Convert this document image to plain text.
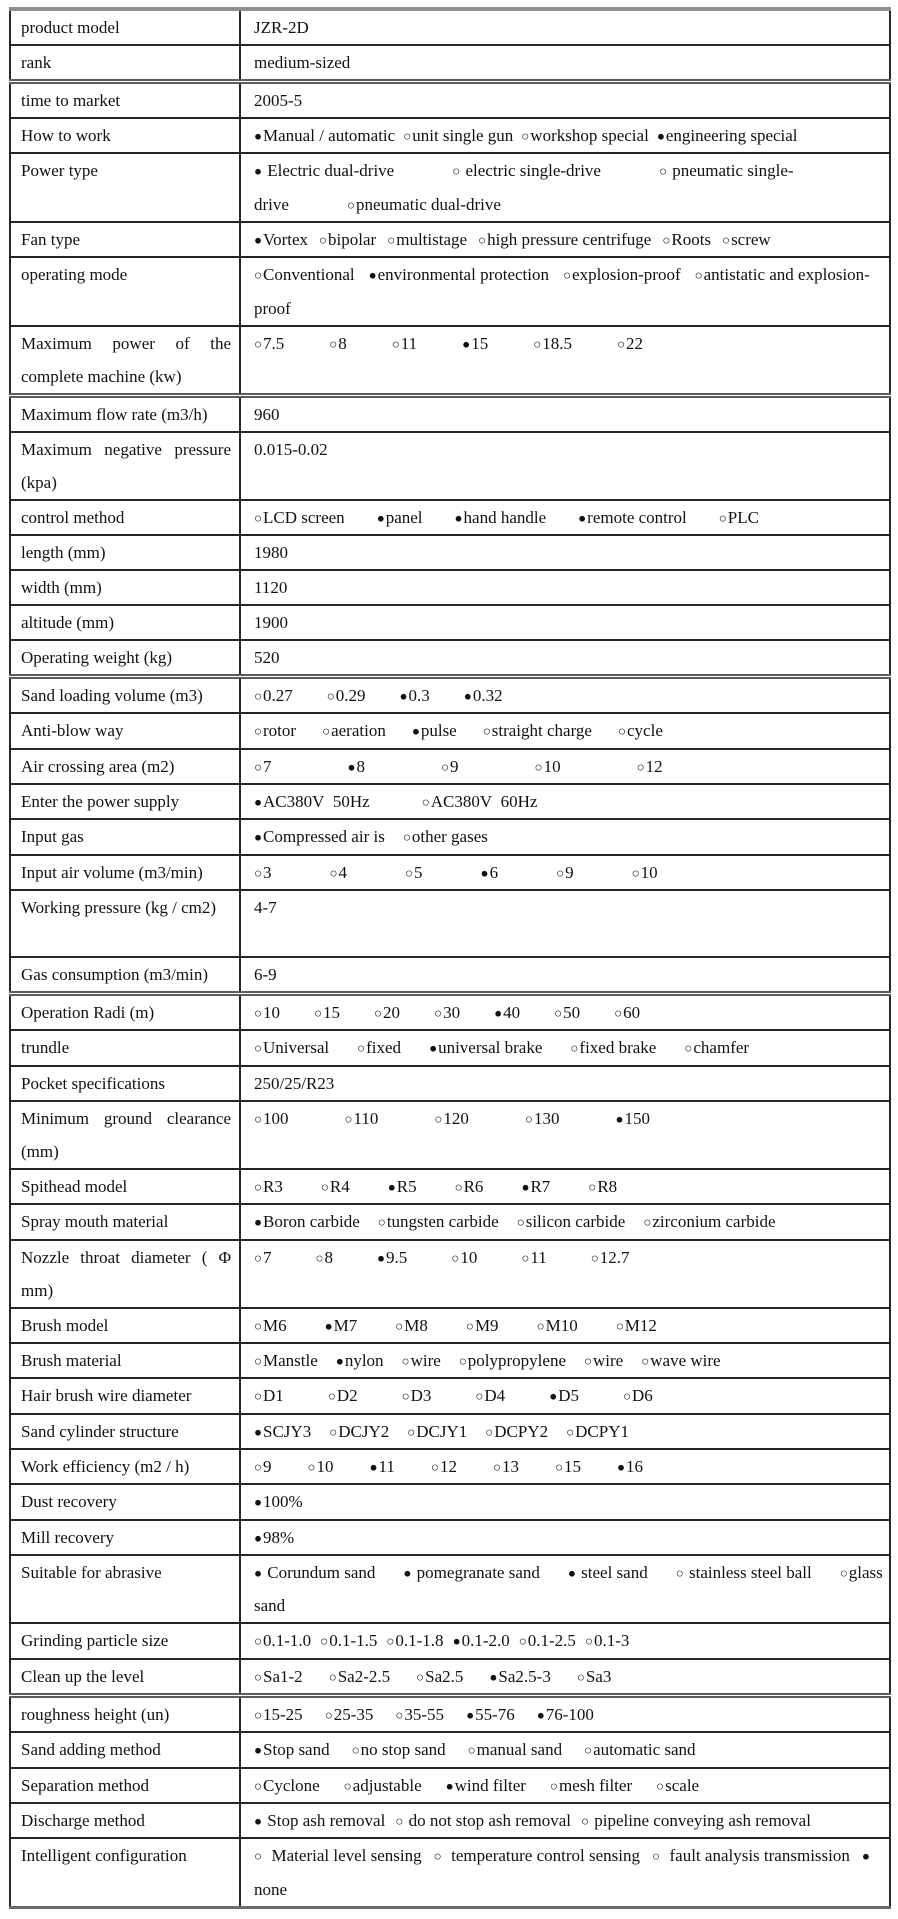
product model	JZR-2D
rank	medium-sized
time to market	2005-5
How to work	●Manual / automatic ○unit single gun ○workshop special ●engineering special
Power type	● Electric dual-drive ○ electric single-drive ○ pneumatic single-drive ○pneumatic dual-drive
Fan type	●Vortex ○bipolar ○multistage ○high pressure centrifuge ○Roots ○screw
operating mode	○Conventional ●environmental protection ○explosion-proof ○antistatic and explosion-proof
Maximum power of the complete machine (kw)	○7.5 ○8 ○11 ●15 ○18.5 ○22
Maximum flow rate (m3/h)	960
Maximum negative pressure (kpa)	0.015-0.02
control method	○LCD screen ●panel ●hand handle ●remote control ○PLC
length (mm)	1980
width (mm)	1120
altitude (mm)	1900
Operating weight (kg)	520
Sand loading volume (m3)	○0.27 ○0.29 ●0.3 ●0.32
Anti-blow way	○rotor ○aeration ●pulse ○straight charge ○cycle
Air crossing area (m2)	○7 ●8 ○9 ○10 ○12
Enter the power supply	●AC380V 50Hz ○AC380V 60Hz
Input gas	●Compressed air is ○other gases
Input air volume (m3/min)	○3 ○4 ○5 ●6 ○9 ○10
Working pressure (kg / cm2)	4-7
Gas consumption (m3/min)	6-9
Operation Radi (m)	○10 ○15 ○20 ○30 ●40 ○50 ○60
trundle	○Universal ○fixed ●universal brake ○fixed brake ○chamfer
Pocket specifications	250/25/R23
Minimum ground clearance (mm)	○100 ○110 ○120 ○130 ●150
Spithead model	○R3 ○R4 ●R5 ○R6 ●R7 ○R8
Spray mouth material	●Boron carbide ○tungsten carbide ○silicon carbide ○zirconium carbide
Nozzle throat diameter ( Φ mm)	○7 ○8 ●9.5 ○10 ○11 ○12.7
Brush model	○M6 ●M7 ○M8 ○M9 ○M10 ○M12
Brush material	○Manstle ●nylon ○wire ○polypropylene ○wire ○wave wire
Hair brush wire diameter	○D1 ○D2 ○D3 ○D4 ●D5 ○D6
Sand cylinder structure	●SCJY3 ○DCJY2 ○DCJY1 ○DCPY2 ○DCPY1
Work efficiency (m2 / h)	○9 ○10 ●11 ○12 ○13 ○15 ●16
Dust recovery	●100%
Mill recovery	●98%
Suitable for abrasive	● Corundum sand ● pomegranate sand ● steel sand ○ stainless steel ball ○glass sand
Grinding particle size	○0.1-1.0 ○0.1-1.5 ○0.1-1.8 ●0.1-2.0 ○0.1-2.5 ○0.1-3
Clean up the level	○Sa1-2 ○Sa2-2.5 ○Sa2.5 ●Sa2.5-3 ○Sa3
roughness height (un)	○15-25 ○25-35 ○35-55 ●55-76 ●76-100
Sand adding method	●Stop sand ○no stop sand ○manual sand ○automatic sand
Separation method	○Cyclone ○adjustable ●wind filter ○mesh filter ○scale
Discharge method	● Stop ash removal ○ do not stop ash removal ○ pipeline conveying ash removal
Intelligent configuration	○ Material level sensing ○ temperature control sensing ○ fault analysis transmission ● none
